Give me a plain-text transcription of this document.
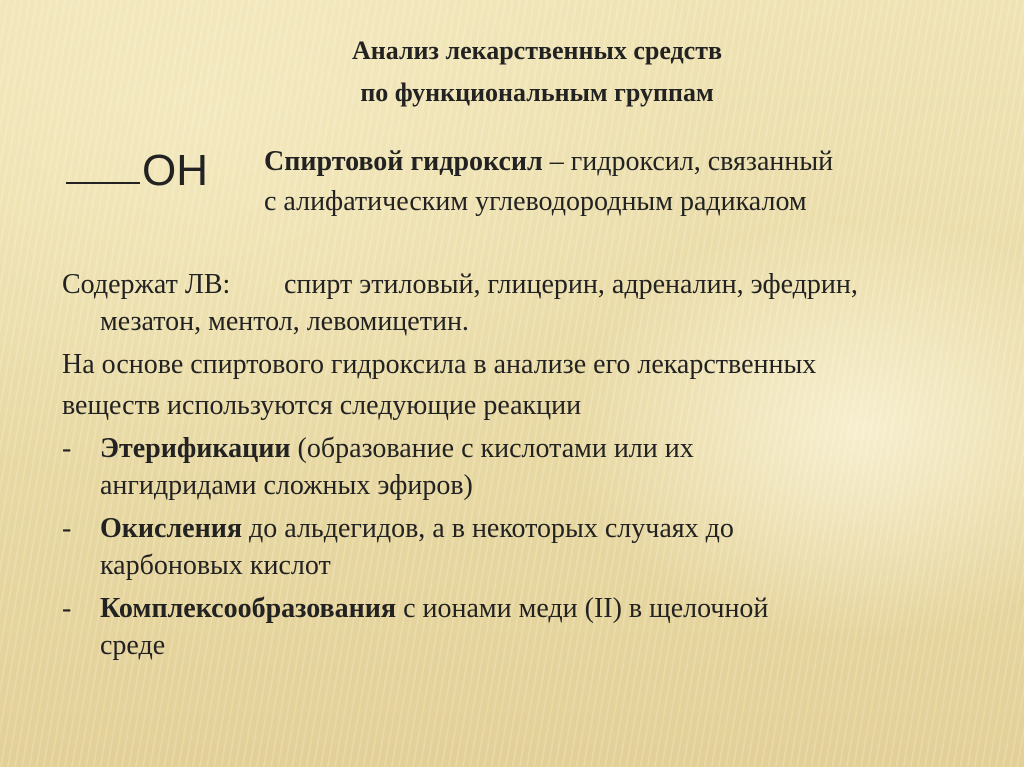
Анализ лекарственных средств
по функциональным группам
OH Спиртовой гидроксил – гидроксил, связанный
с алифатическим углеводородным радикалом

Содержат ЛВ: спирт этиловый, глицерин, адреналин, эфедрин,

мезатон, ментол, левомицетин.

На основе спиртового гидроксила в анализе его лекарственных

веществ используются следующие реакции

- Этерификации (образование с кислотами или их
ангидридами сложных эфиров)
- Окисления до альдегидов, а в некоторых случаях до
карбоновых кислот
- Комплексообразования с ионами меди (II) в щелочной
среде
